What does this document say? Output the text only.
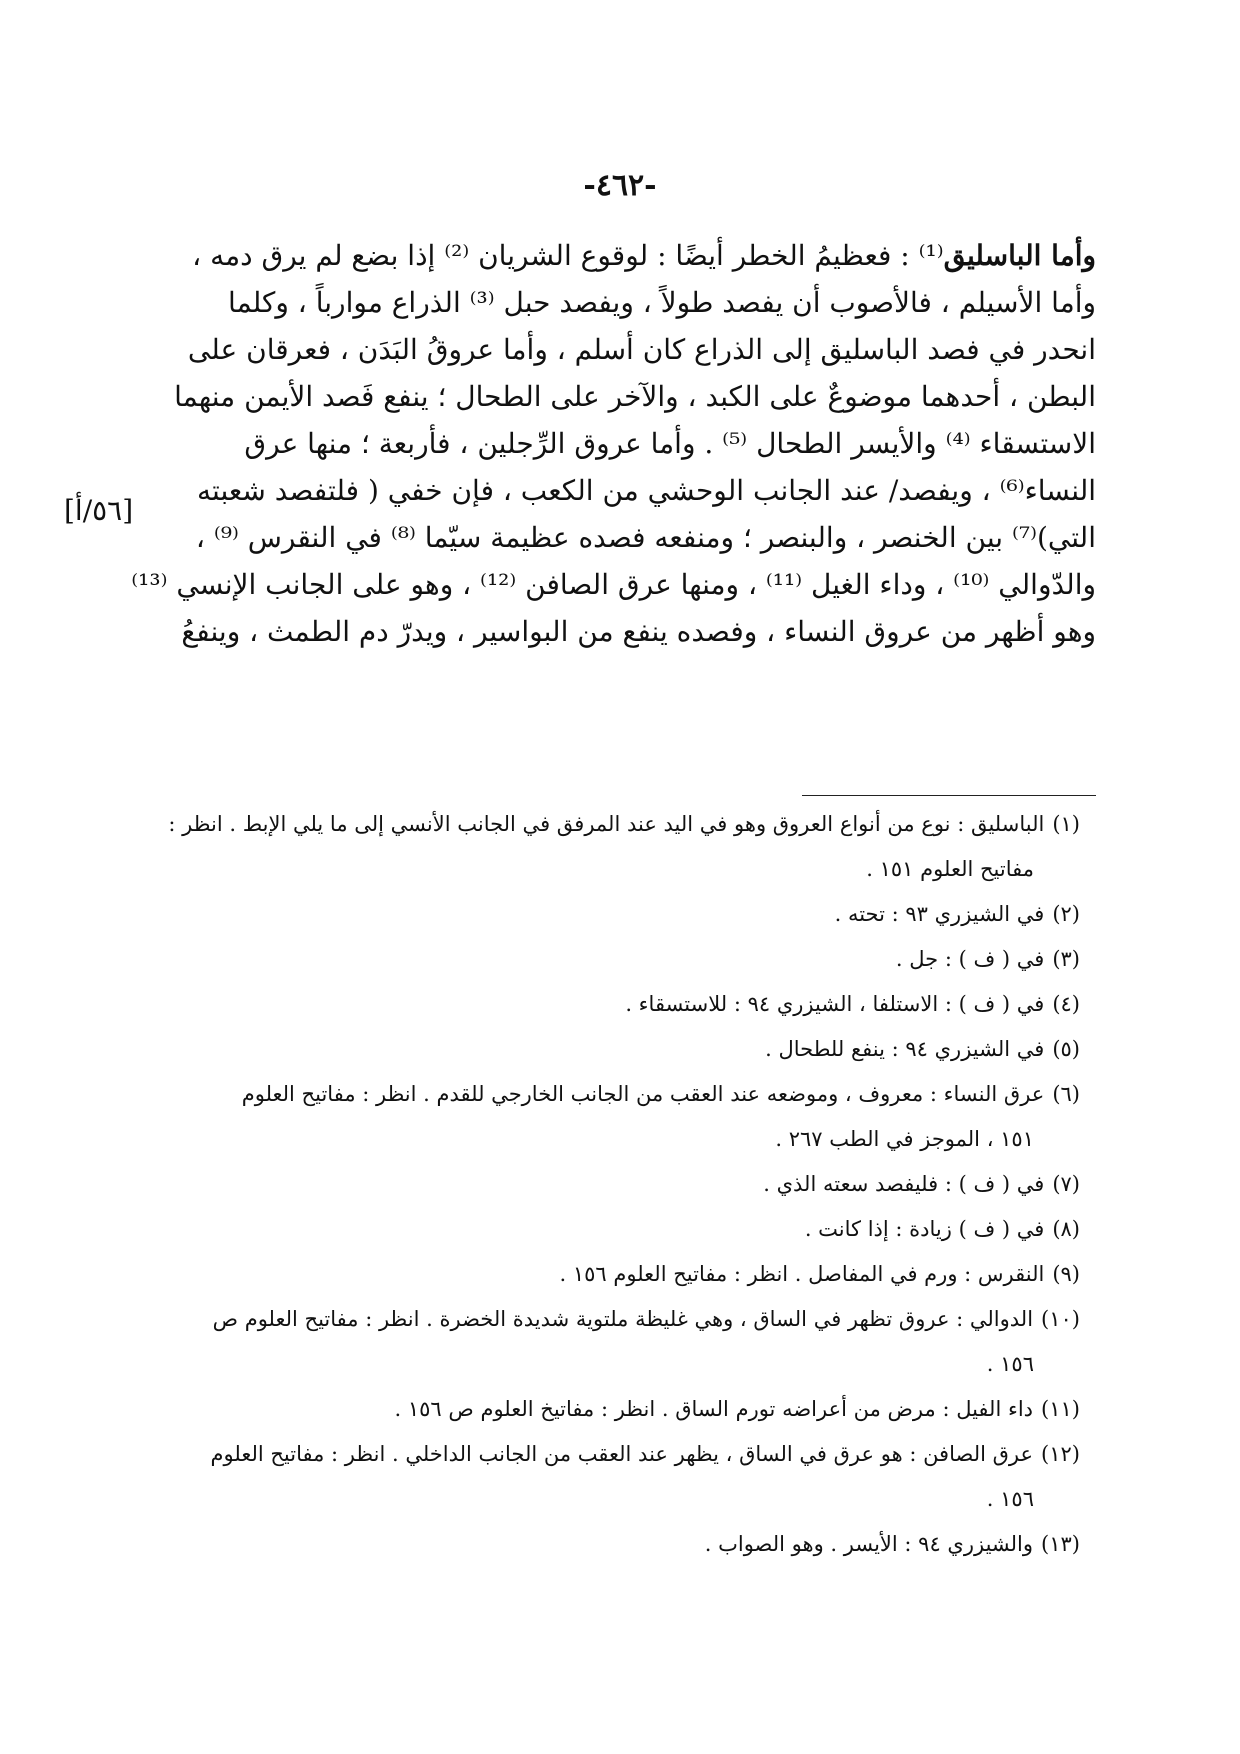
-٤٦٢-
[٥٦/أ]
وأما الباسليق⁽¹⁾ : فعظيمُ الخطر أيضًا : لوقوع الشريان ⁽²⁾ إذا بضع لم يرق دمه ،
وأما الأسيلم ، فالأصوب أن يفصد طولاً ، ويفصد حبل ⁽³⁾ الذراع موارباً ، وكلما
انحدر في فصد الباسليق إلى الذراع كان أسلم ، وأما عروقُ البَدَن ، فعرقان على
البطن ، أحدهما موضوعٌ على الكبد ، والآخر على الطحال ؛ ينفع فَصد الأيمن منهما
الاستسقاء ⁽⁴⁾ والأيسر الطحال ⁽⁵⁾ . وأما عروق الرِّجلين ، فأربعة ؛ منها عرق
النساء⁽⁶⁾ ، ويفصد/ عند الجانب الوحشي من الكعب ، فإن خفي ( فلتفصد شعبته
التي)⁽⁷⁾ بين الخنصر ، والبنصر ؛ ومنفعه فصده عظيمة سيّما ⁽⁸⁾ في النقرس ⁽⁹⁾ ،
والدّوالي ⁽¹⁰⁾ ، وداء الغيل ⁽¹¹⁾ ، ومنها عرق الصافن ⁽¹²⁾ ، وهو على الجانب الإنسي ⁽¹³⁾
وهو أظهر من عروق النساء ، وفصده ينفع من البواسير ، ويدرّ دم الطمث ، وينفعُ
(١)الباسليق : نوع من أنواع العروق وهو في اليد عند المرفق في الجانب الأنسي إلى ما يلي الإبط . انظر :
مفاتيح العلوم ١٥١ .
(٢)في الشيزري ٩٣ : تحته .
(٣)في ( ف ) : جل .
(٤)في ( ف ) : الاستلفا ، الشيزري ٩٤ : للاستسقاء .
(٥)في الشيزري ٩٤ : ينفع للطحال .
(٦)عرق النساء : معروف ، وموضعه عند العقب من الجانب الخارجي للقدم . انظر : مفاتيح العلوم
١٥١ ، الموجز في الطب ٢٦٧ .
(٧)في ( ف ) : فليفصد سعته الذي .
(٨)في ( ف ) زيادة : إذا كانت .
(٩)النقرس : ورم في المفاصل . انظر : مفاتيح العلوم ١٥٦ .
(١٠)الدوالي : عروق تظهر في الساق ، وهي غليظة ملتوية شديدة الخضرة . انظر : مفاتيح العلوم ص
١٥٦ .
(١١)داء الفيل : مرض من أعراضه تورم الساق . انظر : مفاتيخ العلوم ص ١٥٦ .
(١٢)عرق الصافن : هو عرق في الساق ، يظهر عند العقب من الجانب الداخلي . انظر : مفاتيح العلوم
١٥٦ .
(١٣)والشيزري ٩٤ : الأيسر . وهو الصواب .
